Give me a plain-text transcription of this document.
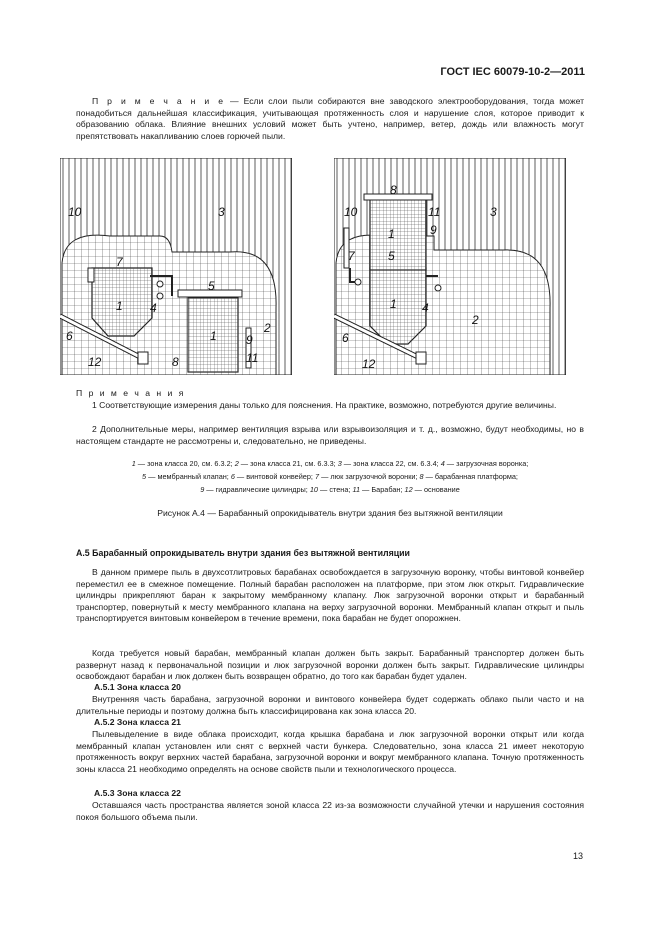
ГОСТ IEC 60079-10-2—2011

П р и м е ч а н и е — Если слои пыли собираются вне заводского электрооборудования, тогда может понадобиться дальнейшая классификация, учитывающая протяженность слоя и нарушение слоя, которое приводит к образованию облака. Влияние внешних условий может быть учтено, например, ветер, дождь или влажность могут препятствовать накапливанию слоев горючей пыли.

10	3
7
1 4
5
6
2
1 9
12	8	11
8
10
1
11
9
3
7	5
1 4
2
6
12

П р и м е ч а н и я

1 Соответствующие измерения даны только для пояснения. На практике, возможно, потребуются другие величины.

2 Дополнительные меры, например вентиляция взрыва или взрывоизоляция и т. д., возможно, будут необходимы, но в настоящем стандарте не рассмотрены и, следовательно, не приведены.

1 — зона класса 20, см. 6.3.2; 2 — зона класса 21, см. 6.3.3; 3 — зона класса 22, см. 6.3.4; 4 — загрузочная воронка;
5 — мембранный клапан; 6 — винтовой конвейер; 7 — люк загрузочной воронки; 8 — барабанная платформа;
9 — гидравлические цилиндры; 10 — стена; 11 — Барабан; 12 — основание
Рисунок А.4 — Барабанный опрокидыватель внутри здания без вытяжной вентиляции
А.5 Барабанный опрокидыватель внутри здания без вытяжной вентиляции

В данном примере пыль в двухсотлитровых барабанах освобождается в загрузочную воронку, чтобы винтовой конвейер переместил ее в смежное помещение. Полный барабан расположен на платформе, при этом люк открыт. Гидравлические цилиндры прикрепляют баран к закрытому мембранному клапану. Люк загрузочной воронки открыт и барабанный транспортер, повернутый к месту мембранного клапана на верху загрузочной воронки. Мембранный клапан открыт и пыль транспортируется винтовым конвейером в течение времени, пока барабан не будет опорожнен.

Когда требуется новый барабан, мембранный клапан должен быть закрыт. Барабанный транспортер должен быть развернут назад к первоначальной позиции и люк загрузочной воронки должен быть закрыт. Гидравлические цилиндры освобождают барабан и люк должен быть возвращен обратно, до того как барабан будет удален.

А.5.1 Зона класса 20

Внутренняя часть барабана, загрузочной воронки и винтового конвейера будет содержать облако пыли часто и на длительные периоды и поэтому должна быть классифицирована как зона класса 20.

А.5.2 Зона класса 21

Пылевыделение в виде облака происходит, когда крышка барабана и люк загрузочной воронки открыт или когда мембранный клапан установлен или снят с верхней части бункера. Следовательно, зона класса 21 имеет некоторую протяженность вокруг верхних частей барабана, загрузочной воронки и вокруг мембранного клапана. Точную протяженность зоны класса 21 необходимо определять на основе свойств пыли и технологического процесса.

А.5.3 Зона класса 22

Оставшаяся часть пространства является зоной класса 22 из-за возможности случайной утечки и нарушения состояния покоя большого объема пыли.

13
